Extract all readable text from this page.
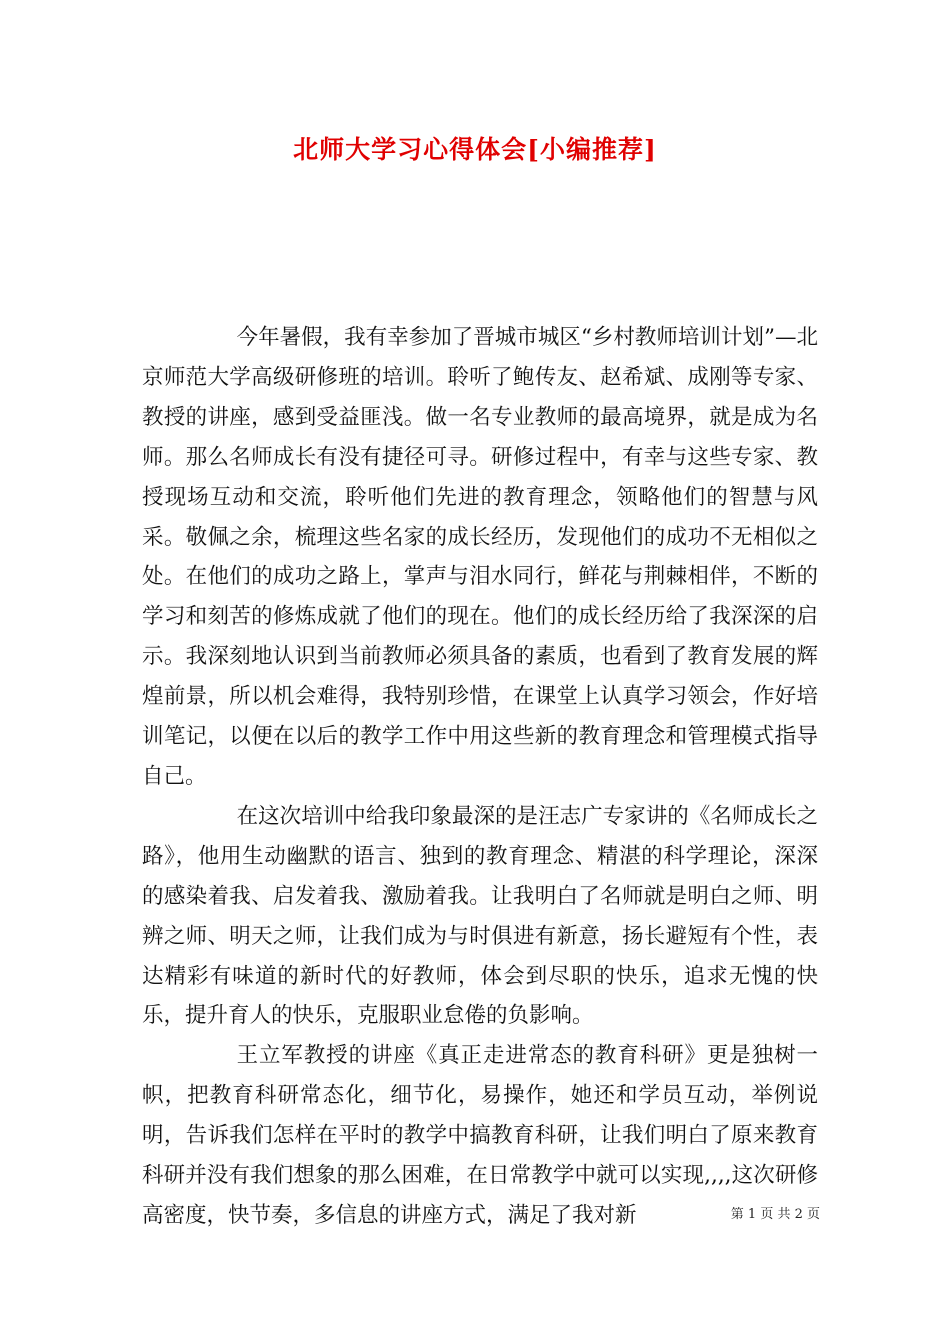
北师大学习心得体会[小编推荐]

今年暑假，我有幸参加了晋城市城区“乡村教师培训计划”—北京师范大学高级研修班的培训。聆听了鲍传友、赵希斌、成刚等专家、教授的讲座，感到受益匪浅。做一名专业教师的最高境界，就是成为名师。那么名师成长有没有捷径可寻。研修过程中，有幸与这些专家、教授现场互动和交流，聆听他们先进的教育理念，领略他们的智慧与风采。敬佩之余，梳理这些名家的成长经历，发现他们的成功不无相似之处。在他们的成功之路上，掌声与泪水同行，鲜花与荆棘相伴，不断的学习和刻苦的修炼成就了他们的现在。他们的成长经历给了我深深的启示。我深刻地认识到当前教师必须具备的素质，也看到了教育发展的辉煌前景，所以机会难得，我特别珍惜，在课堂上认真学习领会，作好培训笔记，以便在以后的教学工作中用这些新的教育理念和管理模式指导自己。

在这次培训中给我印象最深的是汪志广专家讲的《名师成长之路》，他用生动幽默的语言、独到的教育理念、精湛的科学理论，深深的感染着我、启发着我、激励着我。让我明白了名师就是明白之师、明辨之师、明天之师，让我们成为与时俱进有新意，扬长避短有个性，表达精彩有味道的新时代的好教师，体会到尽职的快乐，追求无愧的快乐，提升育人的快乐，克服职业怠倦的负影响。

王立军教授的讲座《真正走进常态的教育科研》更是独树一帜，把教育科研常态化，细节化，易操作，她还和学员互动，举例说明，告诉我们怎样在平时的教学中搞教育科研，让我们明白了原来教育科研并没有我们想象的那么困难，在日常教学中就可以实现,,,,这次研修高密度，快节奏，多信息的讲座方式，满足了我对新	第 1 页 共 2 页
